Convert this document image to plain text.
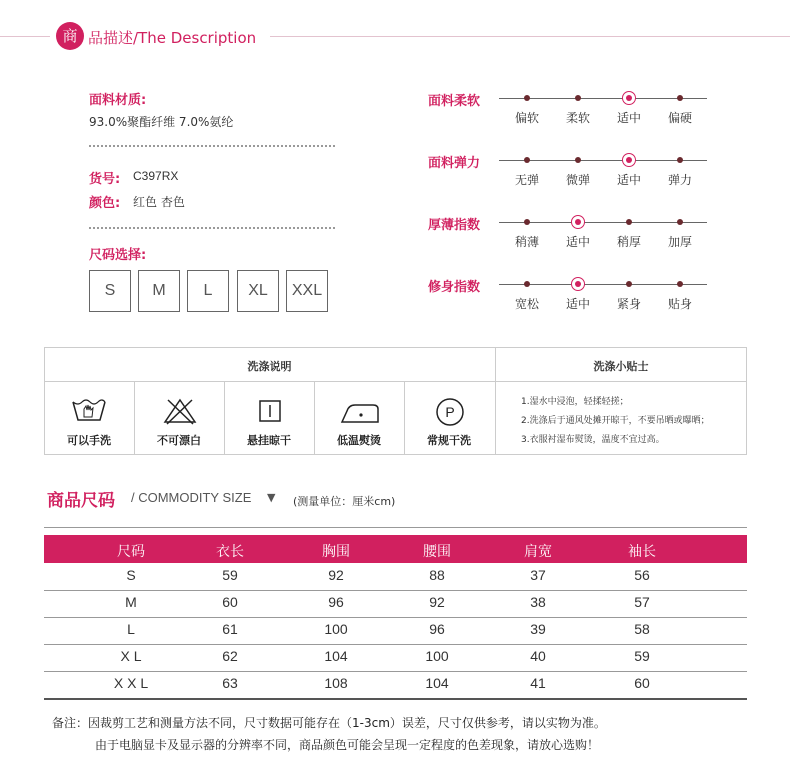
商 品描述/The Description
面料材质:
93.0%聚酯纤维 7.0%氨纶
货号: C397RX
颜色: 红色 杏色
尺码选择:
S	M	L	XL	XXL
面料柔软
偏软	柔软	适中	偏硬
面料弹力
无弹	微弹	适中	弹力
厚薄指数
稍薄	适中	稍厚	加厚
修身指数
宽松	适中	紧身	贴身
洗涤说明	洗涤小贴士
P
可以手洗	不可漂白	悬挂晾干	低温熨烫	常规干洗
1.湿水中浸泡，轻揉轻搓；
2.洗涤后于通风处摊开晾干，不要吊晒或曝晒；
3.衣服衬湿布熨烫，温度不宜过高。
商品尺码 / COMMODITY SIZE ▼ (测量单位：厘米cm)
尺码	衣长	胸围	腰围	肩宽	袖长
S	59	92	88	37	56
M	60	96	92	38	57
L	61	100	96	39	58
X L	62	104	100	40	59
X X L	63	108	104	41	60
备注：因裁剪工艺和测量方法不同，尺寸数据可能存在（1-3cm）误差，尺寸仅供参考，请以实物为准。
由于电脑显卡及显示器的分辨率不同，商品颜色可能会呈现一定程度的色差现象，请放心选购！
